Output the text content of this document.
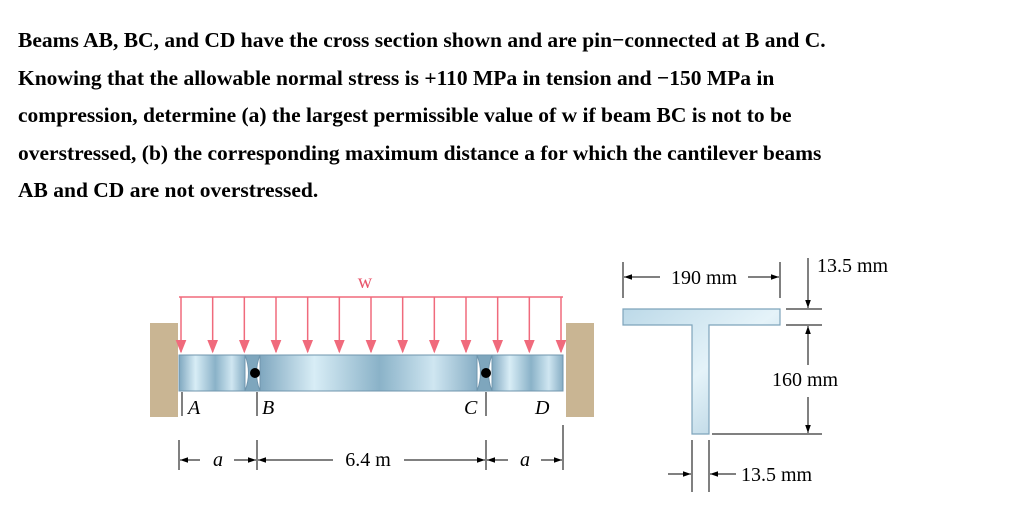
Beams AB, BC, and CD have the cross section shown and are pin−connected at B and C.

Knowing that the allowable normal stress is +110 MPa in tension and −150 MPa in

compression, determine (a) the largest permissible value of w if beam BC is not to be

overstressed, (b) the corresponding maximum distance a for which the cantilever beams

AB and CD are not overstressed.

w
A	B	C	D
a	6.4 m	a
190 mm
13.5 mm
160 mm
13.5 mm
